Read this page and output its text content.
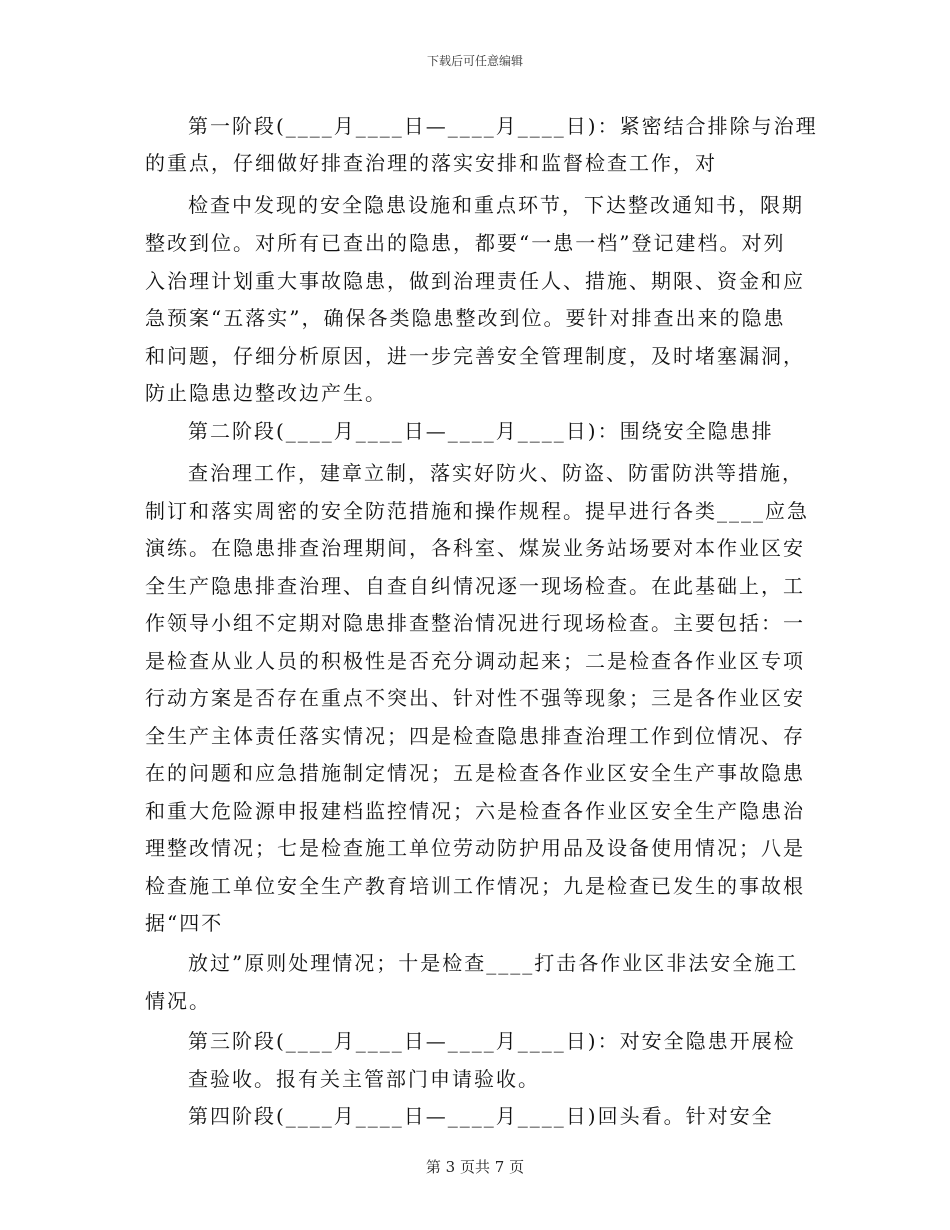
下载后可任意编辑
第一阶段(____月____日—____月____日)：紧密结合排除与治理
的重点，仔细做好排查治理的落实安排和监督检查工作，对
检查中发现的安全隐患设施和重点环节，下达整改通知书，限期
整改到位。对所有已查出的隐患，都要“一患一档”登记建档。对列
入治理计划重大事故隐患，做到治理责任人、措施、期限、资金和应
急预案“五落实”，确保各类隐患整改到位。要针对排查出来的隐患
和问题，仔细分析原因，进一步完善安全管理制度，及时堵塞漏洞，
防止隐患边整改边产生。
第二阶段(____月____日—____月____日)：围绕安全隐患排
查治理工作，建章立制，落实好防火、防盗、防雷防洪等措施，
制订和落实周密的安全防范措施和操作规程。提早进行各类____应急
演练。在隐患排查治理期间，各科室、煤炭业务站场要对本作业区安
全生产隐患排查治理、自查自纠情况逐一现场检查。在此基础上，工
作领导小组不定期对隐患排查整治情况进行现场检查。主要包括：一
是检查从业人员的积极性是否充分调动起来；二是检查各作业区专项
行动方案是否存在重点不突出、针对性不强等现象；三是各作业区安
全生产主体责任落实情况；四是检查隐患排查治理工作到位情况、存
在的问题和应急措施制定情况；五是检查各作业区安全生产事故隐患
和重大危险源申报建档监控情况；六是检查各作业区安全生产隐患治
理整改情况；七是检查施工单位劳动防护用品及设备使用情况；八是
检查施工单位安全生产教育培训工作情况；九是检查已发生的事故根
据“四不
放过”原则处理情况；十是检查____打击各作业区非法安全施工
情况。
第三阶段(____月____日—____月____日)：对安全隐患开展检
查验收。报有关主管部门申请验收。
第四阶段(____月____日—____月____日)回头看。针对安全
第 3 页共 7 页
